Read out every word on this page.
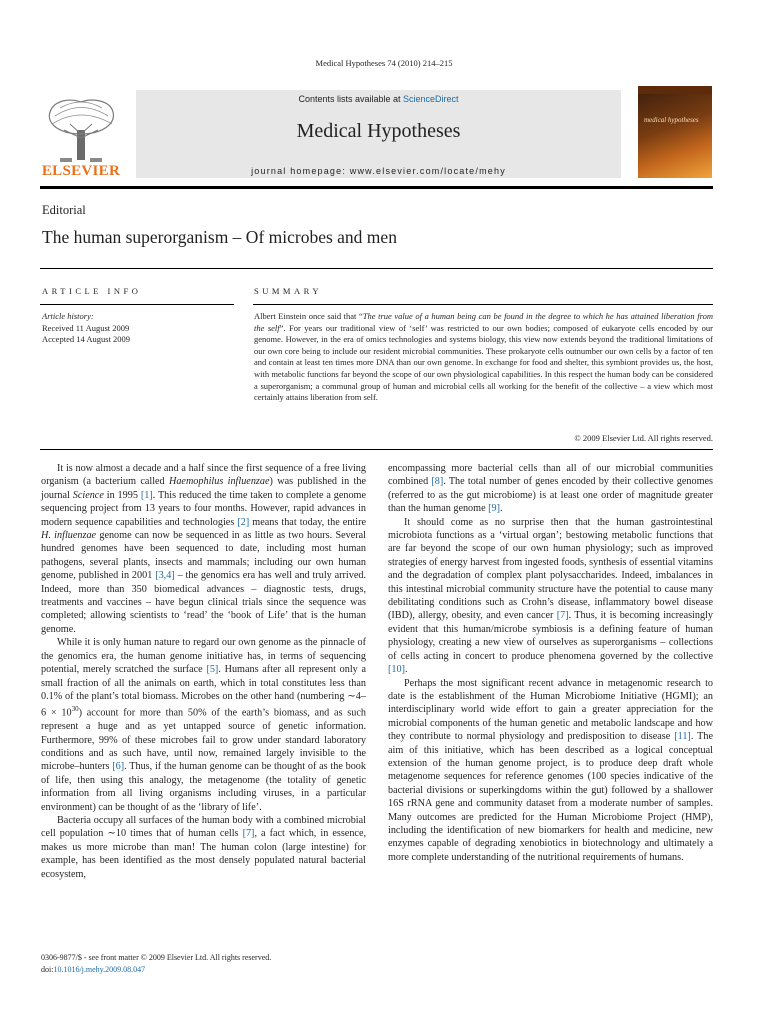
Medical Hypotheses 74 (2010) 214–215
ELSEVIER
Contents lists available at ScienceDirect
Medical Hypotheses
journal homepage: www.elsevier.com/locate/mehy
medical hypotheses
Editorial
The human superorganism – Of microbes and men
ARTICLE INFO	SUMMARY
Article history:
Received 11 August 2009
Accepted 14 August 2009
Albert Einstein once said that “The true value of a human being can be found in the degree to which he has attained liberation from the self”. For years our traditional view of ‘self’ was restricted to our own bodies; composed of eukaryote cells encoded by our genome. However, in the era of omics technologies and systems biology, this view now extends beyond the traditional limitations of our own core being to include our resident microbial communities. These prokaryote cells outnumber our own cells by a factor of ten and contain at least ten times more DNA than our own genome. In exchange for food and shelter, this symbiont provides us, the host, with metabolic functions far beyond the scope of our own physiological capabilities. In this respect the human body can be considered a superorganism; a communal group of human and microbial cells all working for the benefit of the collective – a view which most certainly attains liberation from self.
© 2009 Elsevier Ltd. All rights reserved.

It is now almost a decade and a half since the first sequence of a free living organism (a bacterium called Haemophilus influenzae) was published in the journal Science in 1995 [1]. This reduced the time taken to complete a genome sequencing project from 13 years to four months. However, rapid advances in modern sequence capabilities and technologies [2] means that today, the entire H. influenzae genome can now be sequenced in as little as two hours. Several hundred genomes have been sequenced to date, including most human pathogens, several plants, insects and mammals; including our own human genome, published in 2001 [3,4] – the genomics era has well and truly arrived. Indeed, more than 350 biomedical advances – diagnostic tests, drugs, treatments and vaccines – have begun clinical trials since the sequence was completed; allowing scientists to ‘read’ the ‘book of Life’ that is the human genome.

While it is only human nature to regard our own genome as the pinnacle of the genomics era, the human genome initiative has, in terms of sequencing potential, merely scratched the surface [5]. Humans after all represent only a small fraction of all the animals on earth, which in total constitutes less than 0.1% of the plant’s total biomass. Microbes on the other hand (numbering ∼4–6 × $10^{30}$) account for more than 50% of the earth’s biomass, and as such represent a huge and as yet untapped source of genetic information. Furthermore, 99% of these microbes fail to grow under standard laboratory conditions and as such have, until now, remained largely invisible to the microbe–hunters [6]. Thus, if the human genome can be thought of as the book of life, then using this analogy, the metagenome (the totality of genetic information from all living organisms including viruses, in a particular environment) can be thought of as the ‘library of life’.

Bacteria occupy all surfaces of the human body with a combined microbial cell population ∼10 times that of human cells [7], a fact which, in essence, makes us more microbe than man! The human colon (large intestine) for example, has been identified as the most densely populated natural bacterial ecosystem,

encompassing more bacterial cells than all of our microbial communities combined [8]. The total number of genes encoded by their collective genomes (referred to as the gut microbiome) is at least one order of magnitude greater than the human genome [9].

It should come as no surprise then that the human gastrointestinal microbiota functions as a ‘virtual organ’; bestowing metabolic functions that are far beyond the scope of our own human physiology; such as improved strategies of energy harvest from ingested foods, synthesis of essential vitamins and the degradation of complex plant polysaccharides. Indeed, imbalances in this intestinal microbial community structure have the potential to cause many debilitating conditions such as Crohn’s disease, inflammatory bowel disease (IBD), allergy, obesity, and even cancer [7]. Thus, it is becoming increasingly evident that this human/microbe symbiosis is a defining feature of human physiology, creating a new view of ourselves as superorganisms – collections of cells acting in concert to produce phenomena governed by the collective [10].

Perhaps the most significant recent advance in metagenomic research to date is the establishment of the Human Microbiome Initiative (HGMI); an interdisciplinary world wide effort to gain a greater appreciation for the microbial components of the human genetic and metabolic landscape and how they contribute to normal physiology and predisposition to disease [11]. The aim of this initiative, which has been described as a logical conceptual extension of the human genome project, is to produce deep draft whole metagenome sequences for reference genomes (100 species indicative of the bacterial divisions or superkingdoms within the gut) followed by a shallower 16S rRNA gene and community dataset from a moderate number of samples. Many outcomes are predicted for the Human Microbiome Project (HMP), including the identification of new biomarkers for health and medicine, new enzymes capable of degrading xenobiotics in biotechnology and ultimately a more complete understanding of the nutritional requirements of humans.

0306-9877/$ - see front matter © 2009 Elsevier Ltd. All rights reserved.
doi:10.1016/j.mehy.2009.08.047
